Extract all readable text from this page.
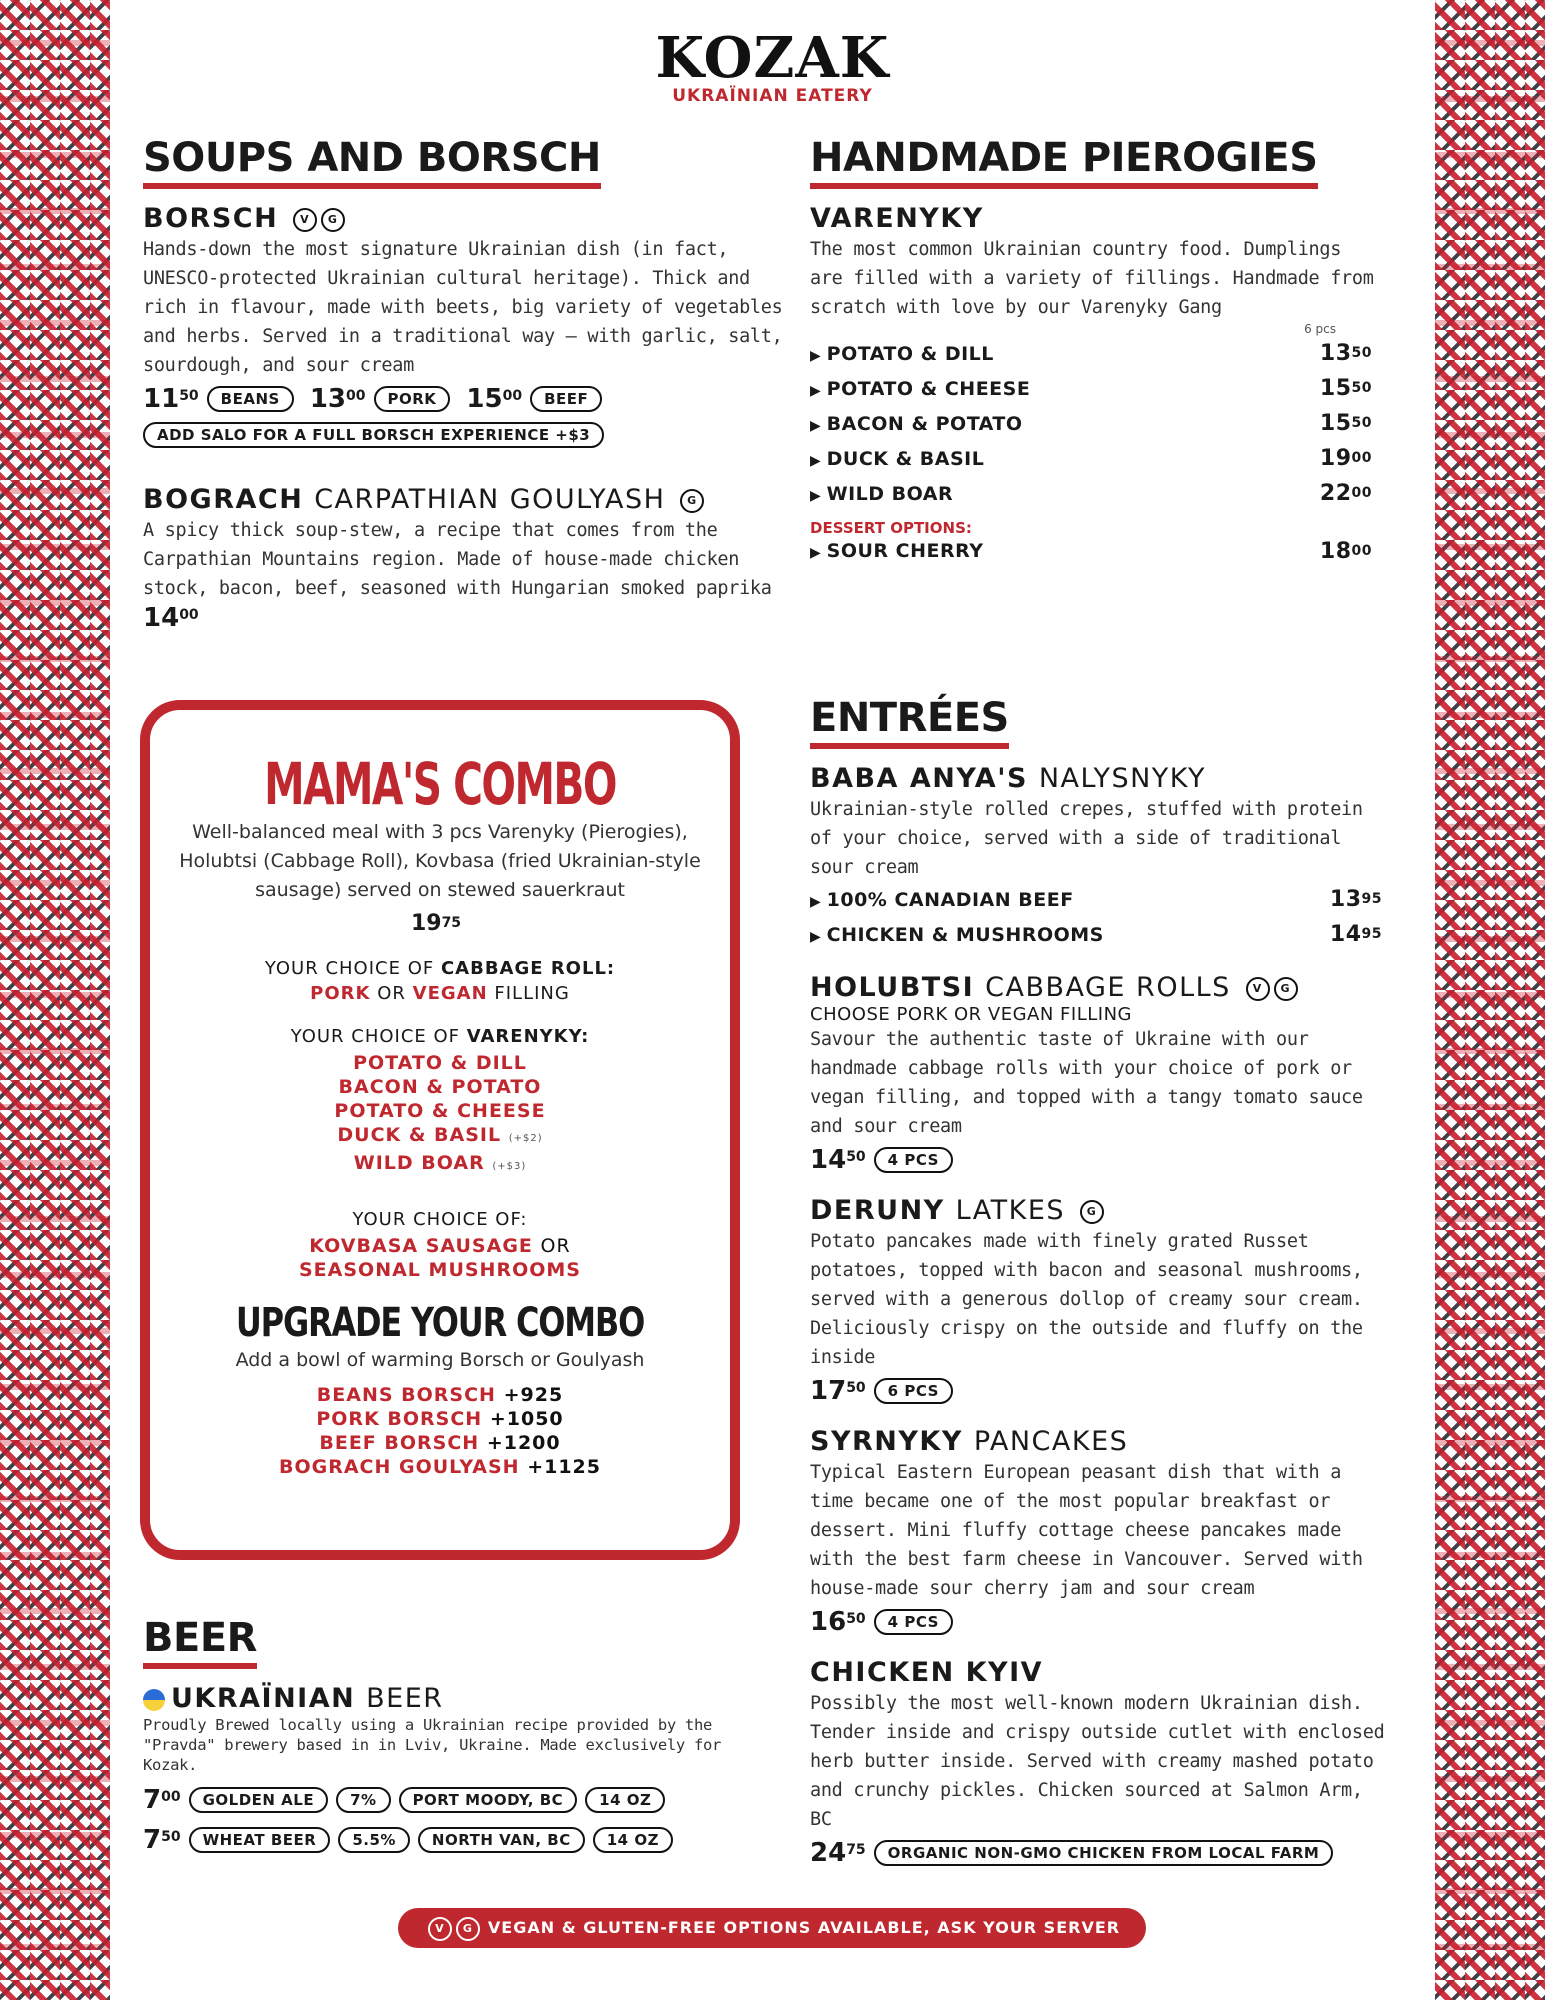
KOZAK
UKRAÏNIAN EATERY
SOUPS AND BORSCH
BORSCH V G
Hands-down the most signature Ukrainian dish (in fact, UNESCO-protected Ukrainian cultural heritage). Thick and rich in flavour, made with beets, big variety of vegetables and herbs. Served in a traditional way – with garlic, salt, sourdough, and sour cream
$11^{50}$	BEANS	$13^{00}$	PORK	$15^{00}$	BEEF
ADD SALO FOR A FULL BORSCH EXPERIENCE +$3
BOGRACH CARPATHIAN GOULYASH G
A spicy thick soup-stew, a recipe that comes from the Carpathian Mountains region. Made of house-made chicken stock, bacon, beef, seasoned with Hungarian smoked paprika
$14^{00}$
HANDMADE PIEROGIES
VARENYKY
The most common Ukrainian country food. Dumplings are filled with a variety of fillings. Handmade from scratch with love by our Varenyky Gang
6 pcs
▶ POTATO & DILL	$13^{50}$
▶ POTATO & CHEESE	$15^{50}$
▶ BACON & POTATO	$15^{50}$
▶ DUCK & BASIL	$19^{00}$
▶ WILD BOAR	$22^{00}$
DESSERT OPTIONS:
▶ SOUR CHERRY	$18^{00}$
MAMA'S COMBO
Well-balanced meal with 3 pcs Varenyky (Pierogies), Holubtsi (Cabbage Roll), Kovbasa (fried Ukrainian-style sausage) served on stewed sauerkraut
$19^{75}$
YOUR CHOICE OF CABBAGE ROLL:
PORK OR VEGAN FILLING
YOUR CHOICE OF VARENYKY:
POTATO & DILL
BACON & POTATO
POTATO & CHEESE
DUCK & BASIL (+$2)
WILD BOAR (+$3)
YOUR CHOICE OF:
KOVBASA SAUSAGE OR
SEASONAL MUSHROOMS
UPGRADE YOUR COMBO
Add a bowl of warming Borsch or Goulyash
BEANS BORSCH +925
PORK BORSCH +1050
BEEF BORSCH +1200
BOGRACH GOULYASH +1125
BEER
UKRAÏNIAN BEER
Proudly Brewed locally using a Ukrainian recipe provided by the "Pravda" brewery based in in Lviv, Ukraine. Made exclusively for Kozak.
$7^{00}$	GOLDEN ALE	7%	PORT MOODY, BC	14 OZ
$7^{50}$	WHEAT BEER	5.5%	NORTH VAN, BC	14 OZ
ENTRÉES
BABA ANYA'S NALYSNYKY
Ukrainian-style rolled crepes, stuffed with protein of your choice, served with a side of traditional sour cream
▶ 100% CANADIAN BEEF	$13^{95}$
▶ CHICKEN & MUSHROOMS	$14^{95}$
HOLUBTSI CABBAGE ROLLS V G
CHOOSE PORK OR VEGAN FILLING
Savour the authentic taste of Ukraine with our handmade cabbage rolls with your choice of pork or vegan filling, and topped with a tangy tomato sauce and sour cream
$14^{50}$	4 PCS
DERUNY LATKES G
Potato pancakes made with finely grated Russet potatoes, topped with bacon and seasonal mushrooms, served with a generous dollop of creamy sour cream. Deliciously crispy on the outside and fluffy on the inside
$17^{50}$	6 PCS
SYRNYKY PANCAKES
Typical Eastern European peasant dish that with a time became one of the most popular breakfast or dessert. Mini fluffy cottage cheese pancakes made with the best farm cheese in Vancouver. Served with house-made sour cherry jam and sour cream
$16^{50}$	4 PCS
CHICKEN KYIV
Possibly the most well-known modern Ukrainian dish. Tender inside and crispy outside cutlet with enclosed herb butter inside. Served with creamy mashed potato and crunchy pickles. Chicken sourced at Salmon Arm, BC
$24^{75}$	ORGANIC NON-GMO CHICKEN FROM LOCAL FARM
V G VEGAN & GLUTEN-FREE OPTIONS AVAILABLE, ASK YOUR SERVER
